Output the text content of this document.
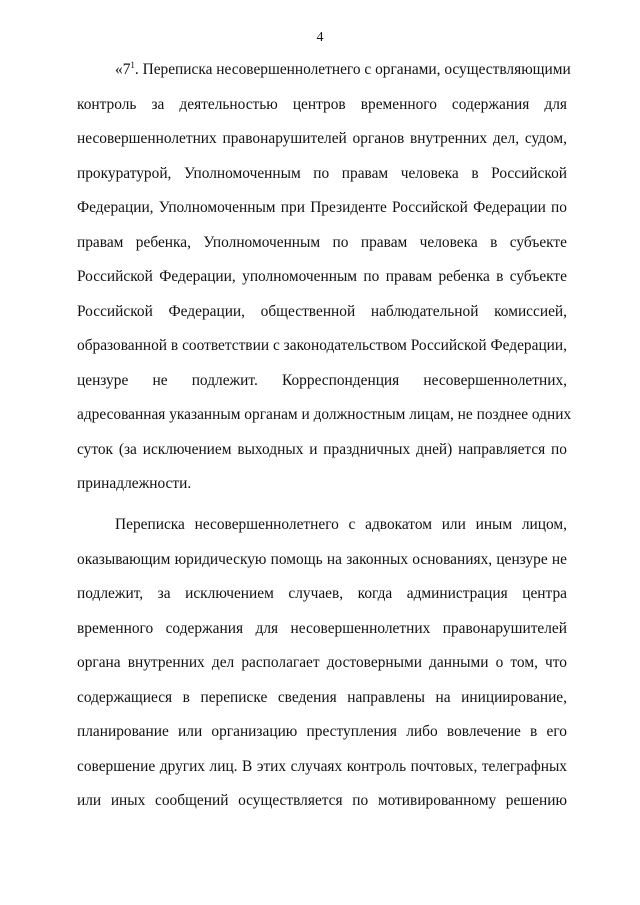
4
«$7^1$. Переписка несовершеннолетнего с органами, осуществляющими
контроль за деятельностью центров временного содержания для
несовершеннолетних правонарушителей органов внутренних дел, судом,
прокуратурой, Уполномоченным по правам человека в Российской
Федерации, Уполномоченным при Президенте Российской Федерации по
правам ребенка, Уполномоченным по правам человека в субъекте
Российской Федерации, уполномоченным по правам ребенка в субъекте
Российской Федерации, общественной наблюдательной комиссией,
образованной в соответствии с законодательством Российской Федерации,
цензуре не подлежит. Корреспонденция несовершеннолетних,
адресованная указанным органам и должностным лицам, не позднее одних
суток (за исключением выходных и праздничных дней) направляется по
принадлежности.
Переписка несовершеннолетнего с адвокатом или иным лицом,
оказывающим юридическую помощь на законных основаниях, цензуре не
подлежит, за исключением случаев, когда администрация центра
временного содержания для несовершеннолетних правонарушителей
органа внутренних дел располагает достоверными данными о том, что
содержащиеся в переписке сведения направлены на инициирование,
планирование или организацию преступления либо вовлечение в его
совершение других лиц. В этих случаях контроль почтовых, телеграфных
или иных сообщений осуществляется по мотивированному решению
